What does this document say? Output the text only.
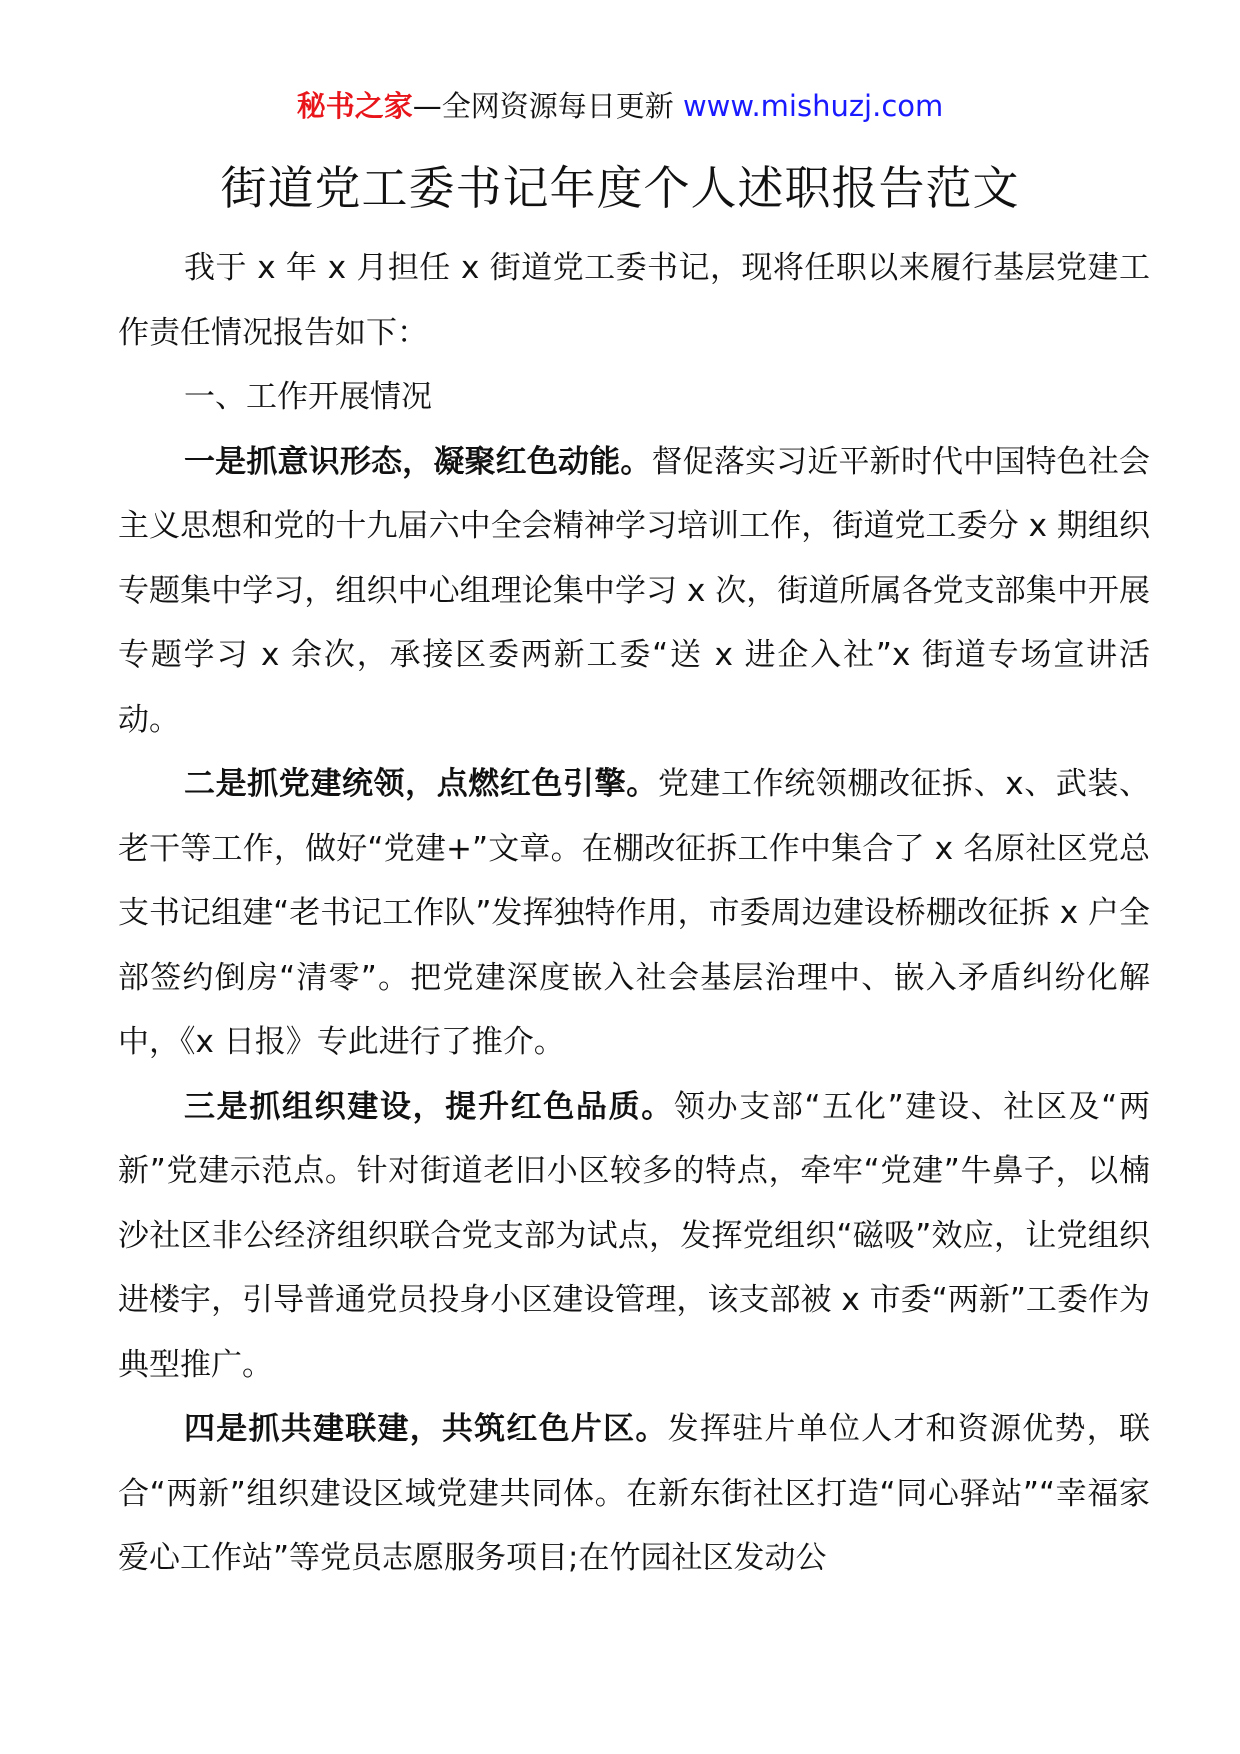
秘书之家—全网资源每日更新 www.mishuzj.com
街道党工委书记年度个人述职报告范文

我于 x 年 x 月担任 x 街道党工委书记，现将任职以来履行基层党建工作责任情况报告如下：

一、工作开展情况

一是抓意识形态，凝聚红色动能。督促落实习近平新时代中国特色社会主义思想和党的十九届六中全会精神学习培训工作，街道党工委分 x 期组织专题集中学习，组织中心组理论集中学习 x 次，街道所属各党支部集中开展专题学习 x 余次，承接区委两新工委“送 x 进企入社”x 街道专场宣讲活动。

二是抓党建统领，点燃红色引擎。党建工作统领棚改征拆、x、武装、老干等工作，做好“党建+”文章。在棚改征拆工作中集合了 x 名原社区党总支书记组建“老书记工作队”发挥独特作用，市委周边建设桥棚改征拆 x 户全部签约倒房“清零”。把党建深度嵌入社会基层治理中、嵌入矛盾纠纷化解中，《x 日报》专此进行了推介。

三是抓组织建设，提升红色品质。领办支部“五化”建设、社区及“两新”党建示范点。针对街道老旧小区较多的特点，牵牢“党建”牛鼻子，以楠沙社区非公经济组织联合党支部为试点，发挥党组织“磁吸”效应，让党组织进楼宇，引导普通党员投身小区建设管理，该支部被 x 市委“两新”工委作为典型推广。

四是抓共建联建，共筑红色片区。发挥驻片单位人才和资源优势，联合“两新”组织建设区域党建共同体。在新东街社区打造“同心驿站”“幸福家爱心工作站”等党员志愿服务项目;在竹园社区发动公
